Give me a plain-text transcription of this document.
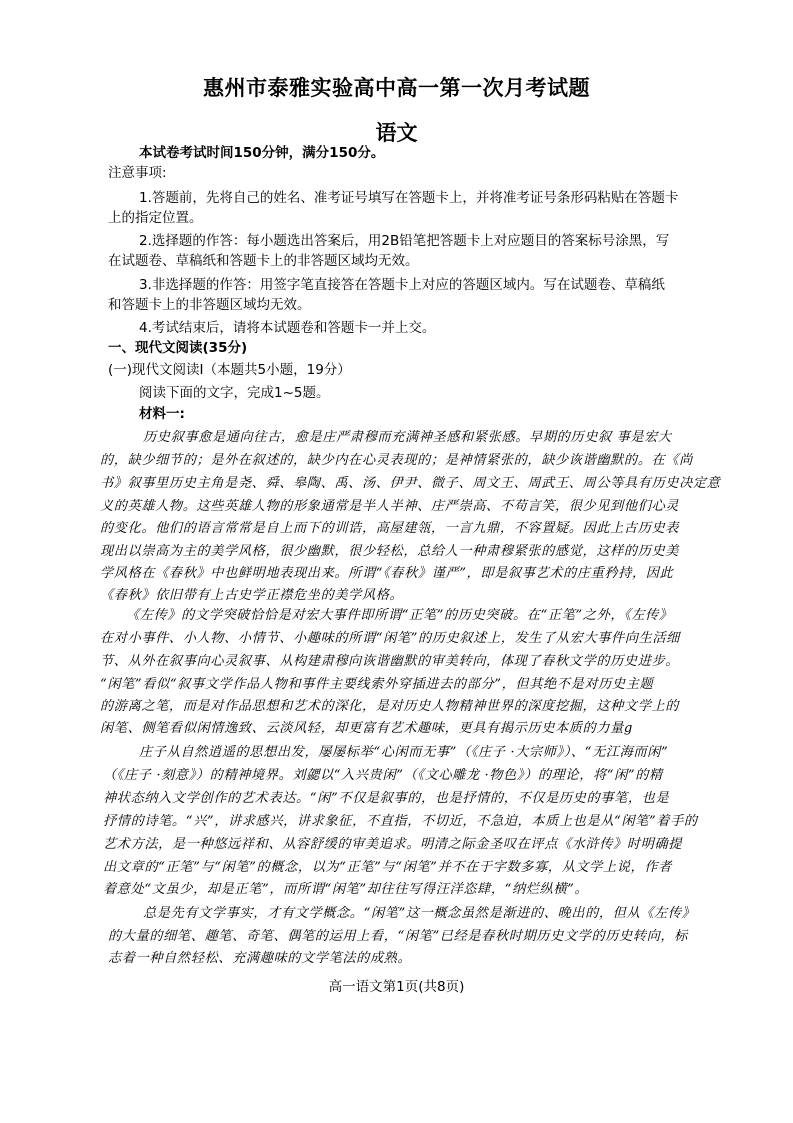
惠州市泰雅实验高中高一第一次月考试题
语文
本试卷考试时间150分钟，满分150分。
注意事项:
1.答题前，先将自己的姓名、准考证号填写在答题卡上，并将准考证号条形码粘贴在答题卡
上的指定位置。
2.选择题的作答：每小题选出答案后，用2B铅笔把答题卡上对应题目的答案标号涂黑，写
在试题卷、草稿纸和答题卡上的非答题区域均无效。
3.非选择题的作答：用签字笔直接答在答题卡上对应的答题区域内。写在试题卷、草稿纸
和答题卡上的非答题区域均无效。
4.考试结束后，请将本试题卷和答题卡一并上交。
一、现代文阅读(35分)
(一)现代文阅读I（本题共5小题，19分）
阅读下面的文字，完成1~5题。
材料一:
历史叙事愈是通向往古，愈是庄严肃穆而充满神圣感和紧张感。早期的历史叙 事是宏大
的，缺少细节的；是外在叙述的，缺少内在心灵表现的；是神情紧张的，缺少诙谐幽默的。在《尚
书》叙事里历史主角是尧、舜、皋陶、禹、汤、伊尹、微子、周文王、周武王、周公等具有历史决定意
义的英雄人物。这些英雄人物的形象通常是半人半神、庄严崇高、不苟言笑，很少见到他们心灵
的变化。他们的语言常常是自上而下的训诰，高屋建瓴，一言九鼎，不容置疑。因此上古历史表
现出以崇高为主的美学风格，很少幽默，很少轻松，总给人一种肃穆紧张的感觉，这样的历史美
学风格在《春秋》中也鲜明地表现出来。所谓“《春秋》谨严”，即是叙事艺术的庄重矜持，因此
《春秋》依旧带有上古史学正襟危坐的美学风格。
《左传》的文学突破恰恰是对宏大事件即所谓“正笔”的历史突破。在“正笔”之外，《左传》
在对小事件、小人物、小情节、小趣味的所谓“闲笔”的历史叙述上，发生了从宏大事件向生活细
节、从外在叙事向心灵叙事、从构建肃穆向诙谐幽默的审美转向，体现了春秋文学的历史进步。
“闲笔”看似“叙事文学作品人物和事件主要线索外穿插进去的部分”，但其绝不是对历史主题
的游离之笔，而是对作品思想和艺术的深化，是对历史人物精神世界的深度挖掘，这种文学上的
闲笔、侧笔看似闲情逸致、云淡风轻，却更富有艺术趣味，更具有揭示历史本质的力量g
庄子从自然逍遥的思想出发，屡屡标举“心闲而无事”（《庄子 ·大宗师》）、“无江海而闲”
（《庄子 ·刻意》）的精神境界。刘勰以“入兴贵闲”（《文心雕龙 ·物色》）的理论，将“闲”的精
神状态纳入文学创作的艺术表达。“闲”不仅是叙事的，也是抒情的，不仅是历史的事笔，也是
抒情的诗笔。“兴”，讲求感兴，讲求象征，不直指，不切近，不急迫，本质上也是从“闲笔”着手的
艺术方法，是一种悠远祥和、从容舒缓的审美追求。明清之际金圣叹在评点《水浒传》时明确提
出文章的“正笔”与“闲笔”的概念，以为“正笔”与“闲笔”并不在于字数多寡，从文学上说，作者
着意处“文虽少，却是正笔”，而所谓“闲笔”却往往写得汪洋恣肆，“纳烂纵横”。
总是先有文学事实，才有文学概念。“闲笔”这一概念虽然是渐进的、晚出的，但从《左传》
的大量的细笔、趣笔、奇笔、偶笔的运用上看，“闲笔”已经是春秋时期历史文学的历史转向，标
志着一种自然轻松、充满趣味的文学笔法的成熟。
高一语文第1页(共8页)
